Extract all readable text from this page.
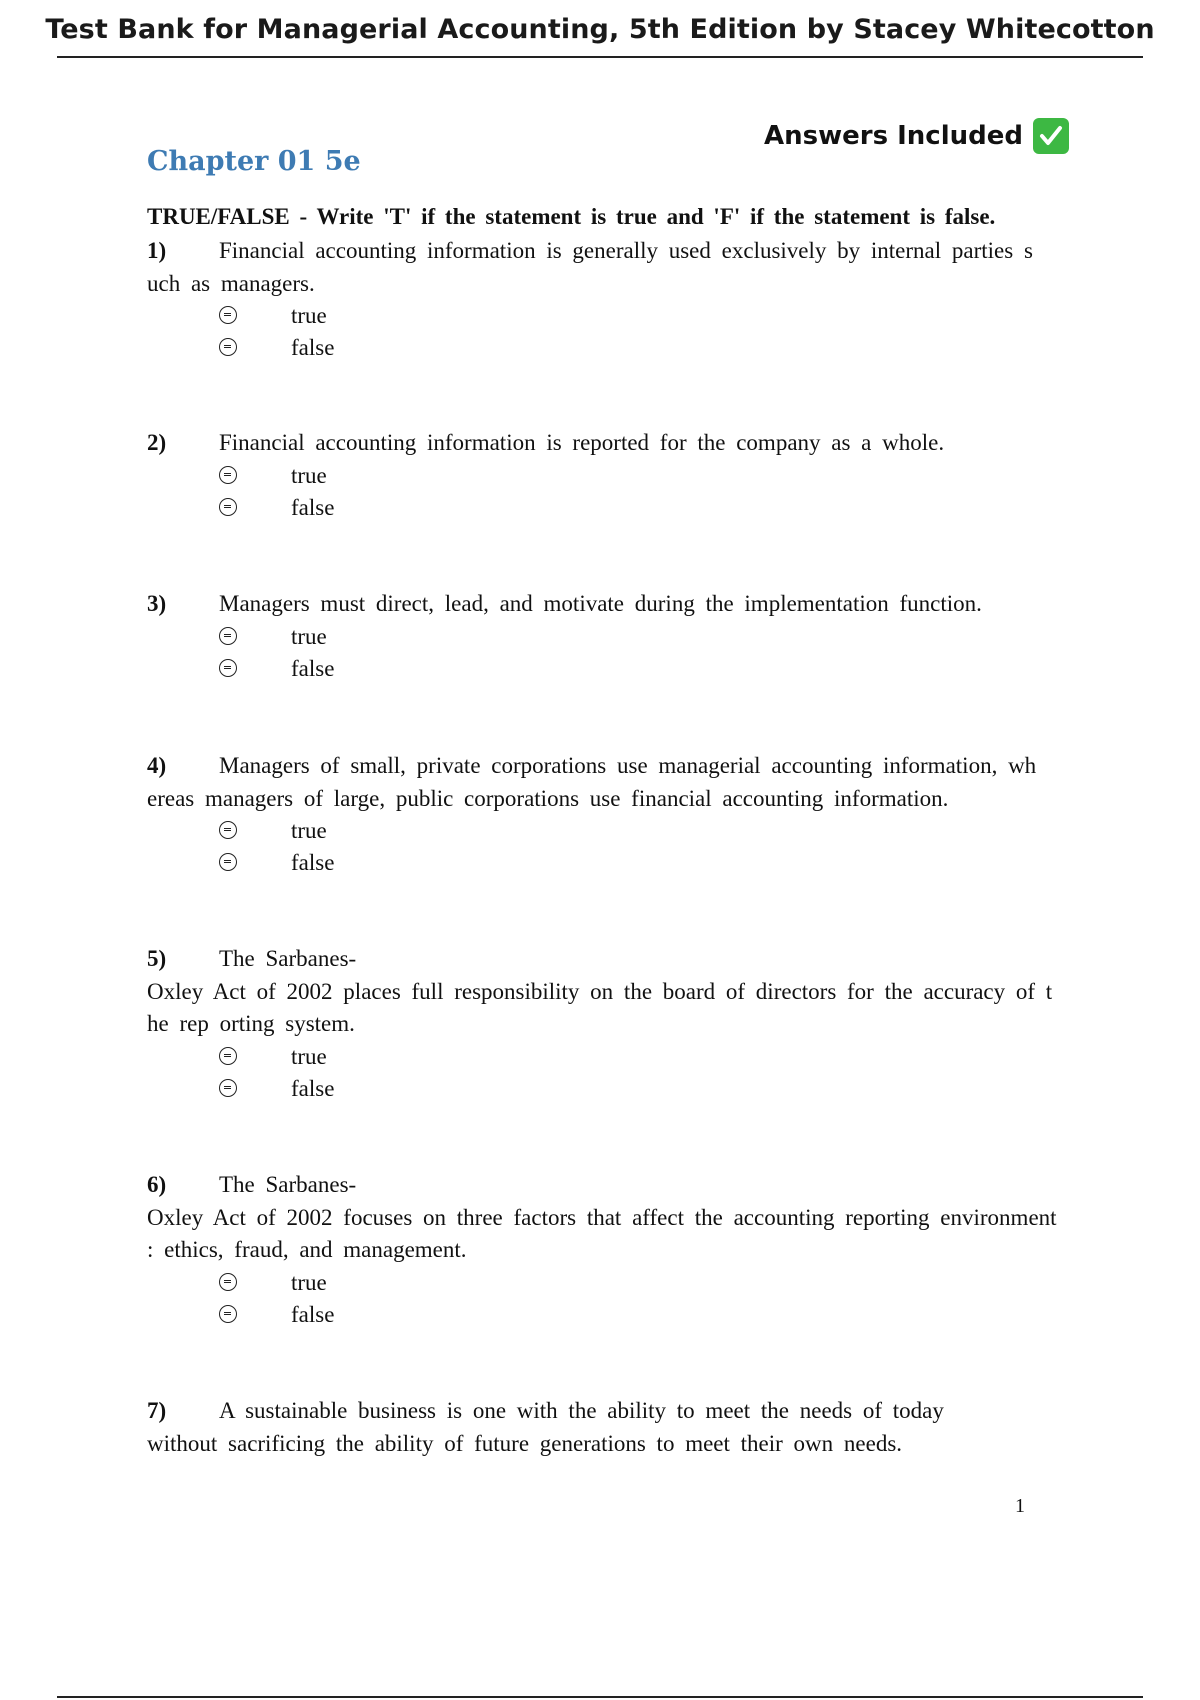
Test Bank for Managerial Accounting, 5th Edition by Stacey Whitecotton
Answers Included
Chapter 01 5e
TRUE/FALSE - Write 'T' if the statement is true and 'F' if the statement is false.
1) Financial accounting information is generally used exclusively by internal parties s
uch as managers.
true
false
2) Financial accounting information is reported for the company as a whole.
true
false
3) Managers must direct, lead, and motivate during the implementation function.
true
false
4) Managers of small, private corporations use managerial accounting information, wh
ereas managers of large, public corporations use financial accounting information.
true
false
5) The Sarbanes-
Oxley Act of 2002 places full responsibility on the board of directors for the accuracy of t
he rep orting system.
true
false
6) The Sarbanes-
Oxley Act of 2002 focuses on three factors that affect the accounting reporting environment
: ethics, fraud, and management.
true
false
7) A sustainable business is one with the ability to meet the needs of today
without sacrificing the ability of future generations to meet their own needs.
1
